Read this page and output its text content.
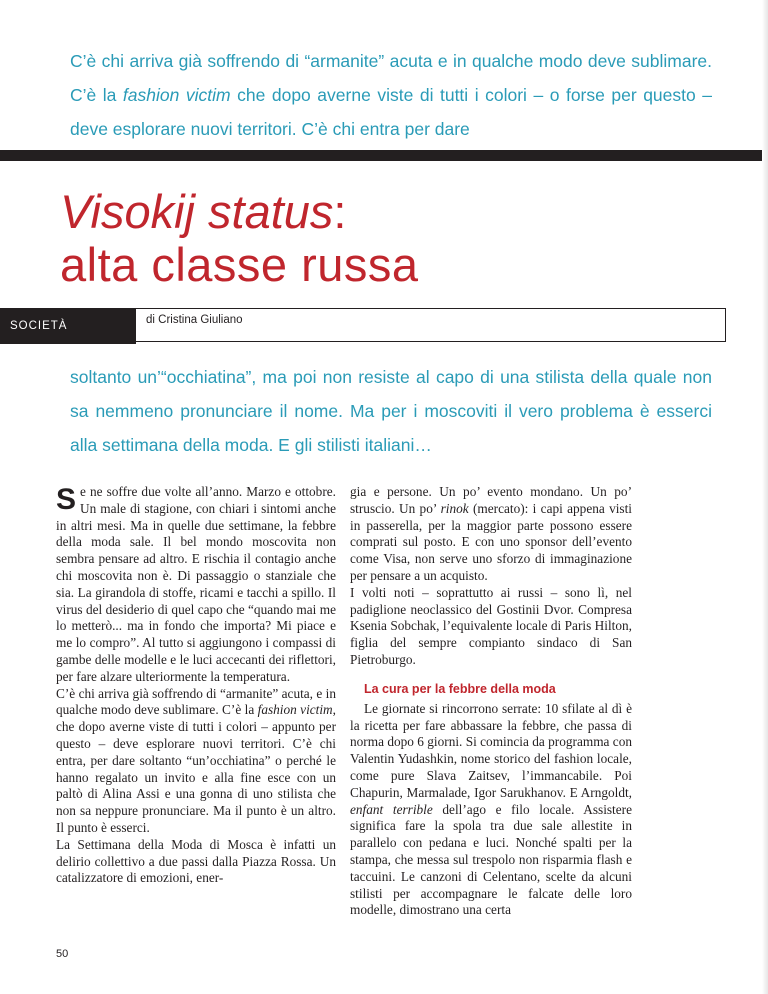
C’è chi arriva già soffrendo di “armanite” acuta e in qualche modo deve sublimare. C’è la fashion victim che dopo averne viste di tutti i colori – o forse per questo – deve esplorare nuovi territori. C’è chi entra per dare

Visokij status:
alta classe russa
SOCIETÀ	di Cristina Giuliano

soltanto un’“occhiatina”, ma poi non resiste al capo di una stilista della quale non sa nemmeno pronunciare il nome. Ma per i moscoviti il vero problema è esserci alla settimana della moda. E gli stilisti italiani…

Se ne soffre due volte all’anno. Marzo e ottobre. Un male di stagione, con chiari i sintomi anche in altri mesi. Ma in quelle due settimane, la febbre della moda sale. Il bel mondo moscovita non sembra pensare ad altro. E rischia il contagio anche chi moscovita non è. Di passaggio o stanziale che sia. La girandola di stoffe, ricami e tacchi a spillo. Il virus del desiderio di quel capo che “quando mai me lo metterò... ma in fondo che importa? Mi piace e me lo compro”. Al tutto si aggiungono i compassi di gambe delle modelle e le luci accecanti dei riflettori, per fare alzare ulteriormente la temperatura.

C’è chi arriva già soffrendo di “armanite” acuta, e in qualche modo deve sublimare. C’è la fashion victim, che dopo averne viste di tutti i colori – appunto per questo – deve esplorare nuovi territori. C’è chi entra, per dare soltanto “un’occhiatina” o perché le hanno regalato un invito e alla fine esce con un paltò di Alina Assi e una gonna di uno stilista che non sa neppure pronunciare. Ma il punto è un altro. Il punto è esserci.

La Settimana della Moda di Mosca è infatti un delirio collettivo a due passi dalla Piazza Rossa. Un catalizzatore di emozioni, ener-

gia e persone. Un po’ evento mondano. Un po’ struscio. Un po’ rinok (mercato): i capi appena visti in passerella, per la maggior parte possono essere comprati sul posto. E con uno sponsor dell’evento come Visa, non serve uno sforzo di immaginazione per pensare a un acquisto.

I volti noti – soprattutto ai russi – sono lì, nel padiglione neoclassico del Gostinii Dvor. Compresa Ksenia Sobchak, l’equivalente locale di Paris Hilton, figlia del sempre compianto sindaco di San Pietroburgo.

La cura per la febbre della moda

Le giornate si rincorrono serrate: 10 sfilate al dì è la ricetta per fare abbassare la febbre, che passa di norma dopo 6 giorni. Si comincia da programma con Valentin Yudashkin, nome storico del fashion locale, come pure Slava Zaitsev, l’immancabile. Poi Chapurin, Marmalade, Igor Sarukhanov. E Arngoldt, enfant terrible dell’ago e filo locale. Assistere significa fare la spola tra due sale allestite in parallelo con pedana e luci. Nonché spalti per la stampa, che messa sul trespolo non risparmia flash e taccuini. Le canzoni di Celentano, scelte da alcuni stilisti per accompagnare le falcate delle loro modelle, dimostrano una certa

50
